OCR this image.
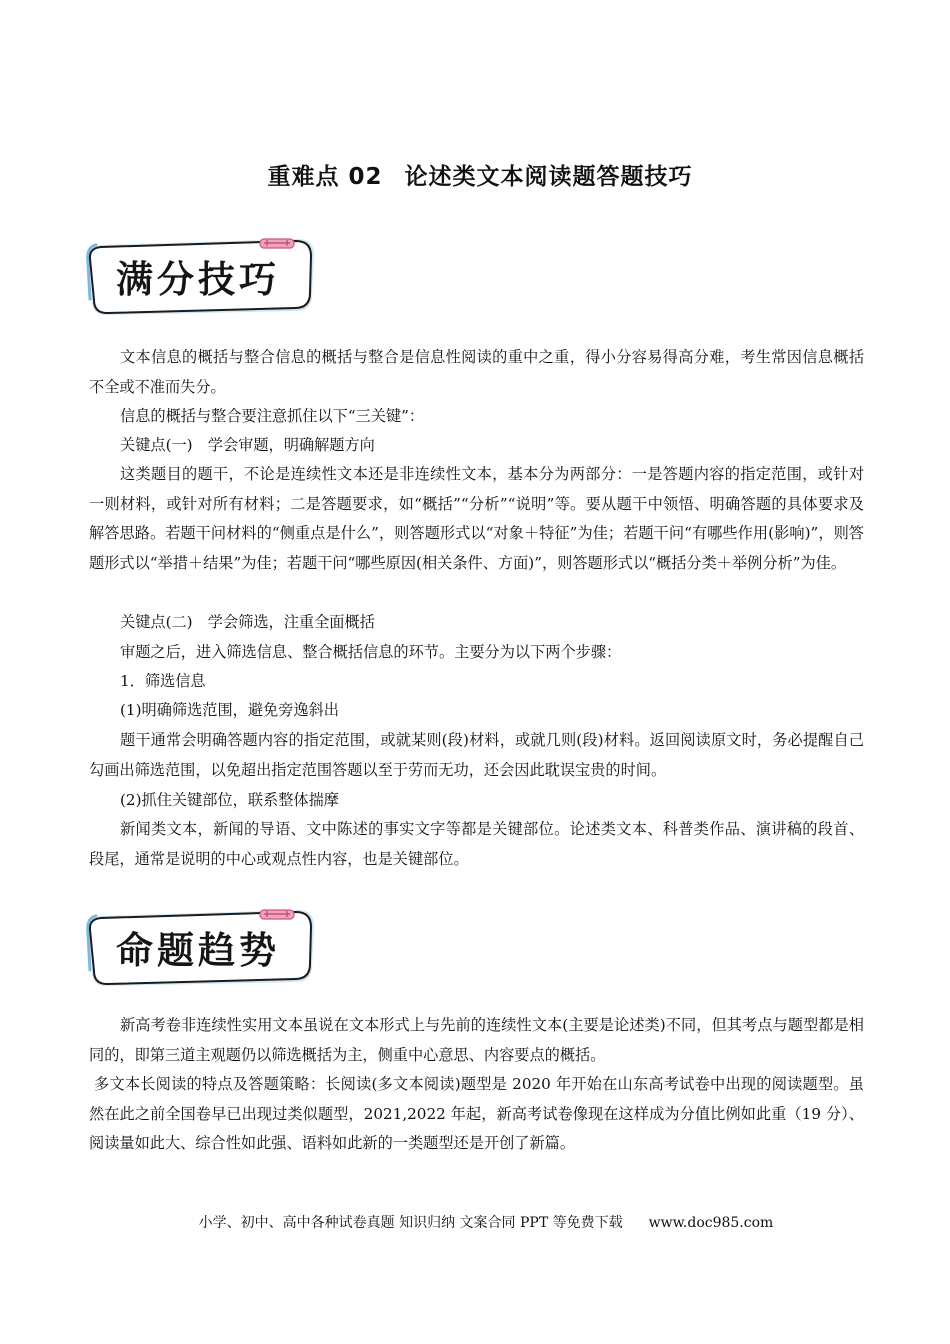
重难点 02 论述类文本阅读题答题技巧
满分技巧

文本信息的概括与整合信息的概括与整合是信息性阅读的重中之重，得小分容易得高分难，考生常因信息概括不全或不准而失分。

信息的概括与整合要注意抓住以下“三关键”：

关键点(一)　学会审题，明确解题方向

这类题目的题干，不论是连续性文本还是非连续性文本，基本分为两部分：一是答题内容的指定范围，或针对一则材料，或针对所有材料；二是答题要求，如“概括”“分析”“说明”等。要从题干中领悟、明确答题的具体要求及解答思路。若题干问材料的“侧重点是什么”，则答题形式以“对象＋特征”为佳；若题干问“有哪些作用(影响)”，则答题形式以“举措＋结果”为佳；若题干问“哪些原因(相关条件、方面)”，则答题形式以“概括分类＋举例分析”为佳。

关键点(二)　学会筛选，注重全面概括

审题之后，进入筛选信息、整合概括信息的环节。主要分为以下两个步骤：

1．筛选信息

(1)明确筛选范围，避免旁逸斜出

题干通常会明确答题内容的指定范围，或就某则(段)材料，或就几则(段)材料。返回阅读原文时，务必提醒自己勾画出筛选范围，以免超出指定范围答题以至于劳而无功，还会因此耽误宝贵的时间。

(2)抓住关键部位，联系整体揣摩

新闻类文本，新闻的导语、文中陈述的事实文字等都是关键部位。论述类文本、科普类作品、演讲稿的段首、段尾，通常是说明的中心或观点性内容，也是关键部位。

命题趋势

新高考卷非连续性实用文本虽说在文本形式上与先前的连续性文本(主要是论述类)不同，但其考点与题型都是相同的，即第三道主观题仍以筛选概括为主，侧重中心意思、内容要点的概括。

多文本长阅读的特点及答题策略：长阅读(多文本阅读)题型是 2020 年开始在山东高考试卷中出现的阅读题型。虽然在此之前全国卷早已出现过类似题型，2021,2022 年起，新高考试卷像现在这样成为分值比例如此重（19 分）、阅读量如此大、综合性如此强、语料如此新的一类题型还是开创了新篇。

小学、初中、高中各种试卷真题 知识归纳 文案合同 PPT 等免费下载 www.doc985.com
